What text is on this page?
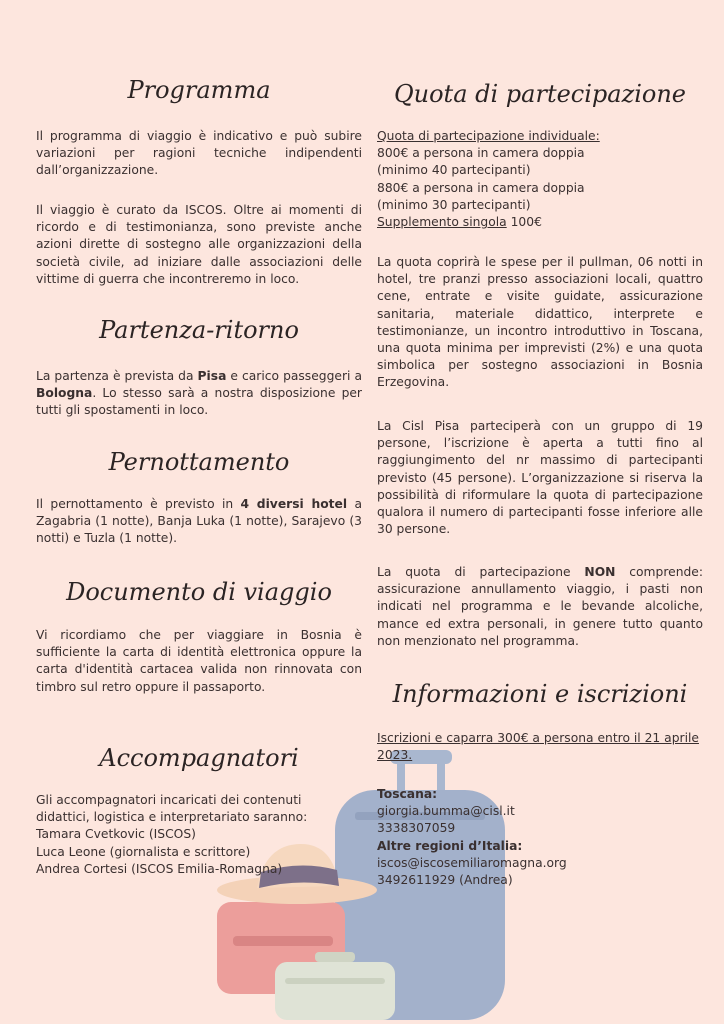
Programma

Il programma di viaggio è indicativo e può subire variazioni per ragioni tecniche indipendenti dall’organizzazione.

Il viaggio è curato da ISCOS. Oltre ai momenti di ricordo e di testimonianza, sono previste anche azioni dirette di sostegno alle organizzazioni della società civile, ad iniziare dalle associazioni delle vittime di guerra che incontreremo in loco.

Partenza-ritorno

La partenza è prevista da Pisa e carico passeggeri a Bologna. Lo stesso sarà a nostra disposizione per tutti gli spostamenti in loco.

Pernottamento

Il pernottamento è previsto in 4 diversi hotel a Zagabria (1 notte), Banja Luka (1 notte), Sarajevo (3 notti) e Tuzla (1 notte).

Documento di viaggio

Vi ricordiamo che per viaggiare in Bosnia è sufficiente la carta di identità elettronica oppure la carta d'identità cartacea valida non rinnovata con timbro sul retro oppure il passaporto.

Accompagnatori

Gli accompagnatori incaricati dei contenuti didattici, logistica e interpretariato saranno:
Tamara Cvetkovic (ISCOS)
Luca Leone (giornalista e scrittore)
Andrea Cortesi (ISCOS Emilia-Romagna)

Quota di partecipazione

Quota di partecipazione individuale:
800€ a persona in camera doppia
(minimo 40 partecipanti)
880€ a persona in camera doppia
(minimo 30 partecipanti)
Supplemento singola 100€

La quota coprirà le spese per il pullman, 06 notti in hotel, tre pranzi presso associazioni locali, quattro cene, entrate e visite guidate, assicurazione sanitaria, materiale didattico, interprete e testimonianze, un incontro introduttivo in Toscana, una quota minima per imprevisti (2%) e una quota simbolica per sostegno associazioni in Bosnia Erzegovina.

La Cisl Pisa parteciperà con un gruppo di 19 persone, l’iscrizione è aperta a tutti fino al raggiungimento del nr massimo di partecipanti previsto (45 persone). L’organizzazione si riserva la possibilità di riformulare la quota di partecipazione qualora il numero di partecipanti fosse inferiore alle 30 persone.

La quota di partecipazione NON comprende: assicurazione annullamento viaggio, i pasti non indicati nel programma e le bevande alcoliche, mance ed extra personali, in genere tutto quanto non menzionato nel programma.

Informazioni e iscrizioni

Iscrizioni e caparra 300€ a persona entro il 21 aprile 2023.

Toscana:
giorgia.bumma@cisl.it
3338307059
Altre regioni d’Italia:
iscos@iscosemiliaromagna.org
3492611929 (Andrea)
